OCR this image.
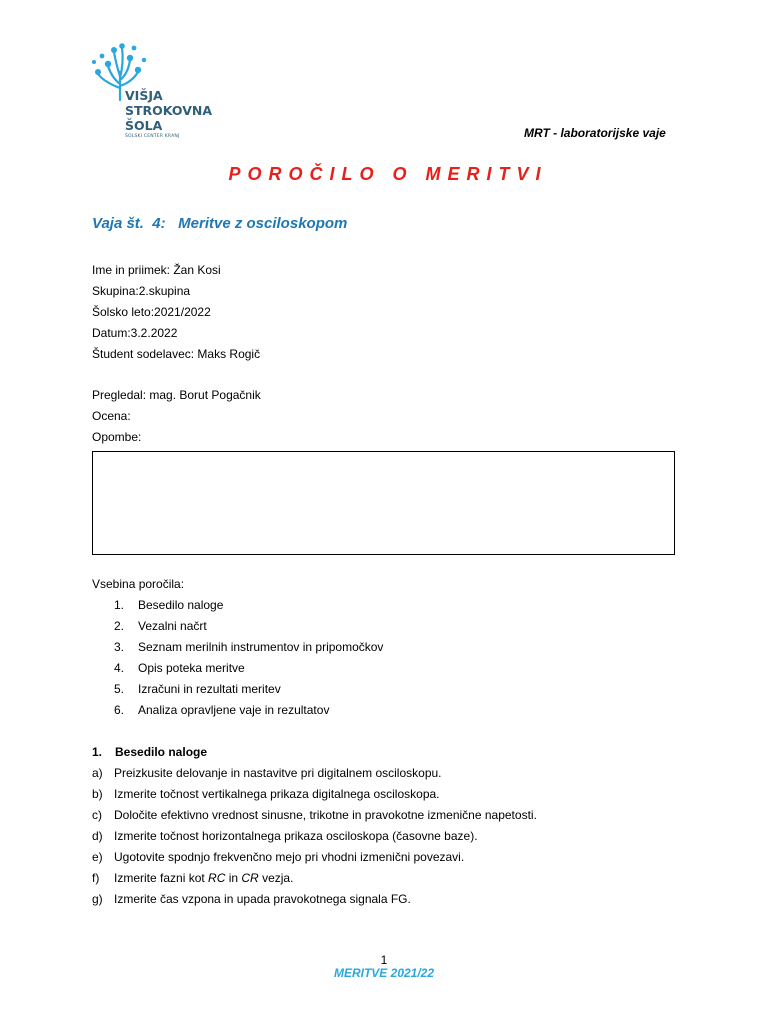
VIŠJA
STROKOVNA
ŠOLA
ŠOLSKI CENTER KRANJ	MRT - laboratorijske vaje
POROČILO O MERITVI
Vaja št.  4:   Meritve z osciloskopom
Ime in priimek: Žan Kosi
Skupina:2.skupina
Šolsko leto:2021/2022
Datum:3.2.2022
Študent sodelavec: Maks Rogič
Pregledal: mag. Borut Pogačnik
Ocena:
Opombe:
Vsebina poročila:
1. Besedilo naloge
2. Vezalni načrt
3. Seznam merilnih instrumentov in pripomočkov
4. Opis poteka meritve
5. Izračuni in rezultati meritev
6. Analiza opravljene vaje in rezultatov
1. Besedilo naloge
a) Preizkusite delovanje in nastavitve pri digitalnem osciloskopu.
b) Izmerite točnost vertikalnega prikaza digitalnega osciloskopa.
c) Določite efektivno vrednost sinusne, trikotne in pravokotne izmenične napetosti.
d) Izmerite točnost horizontalnega prikaza osciloskopa (časovne baze).
e) Ugotovite spodnjo frekvenčno mejo pri vhodni izmenični povezavi.
f) Izmerite fazni kot RC in CR vezja.
g) Izmerite čas vzpona in upada pravokotnega signala FG.
1
MERITVE 2021/22
